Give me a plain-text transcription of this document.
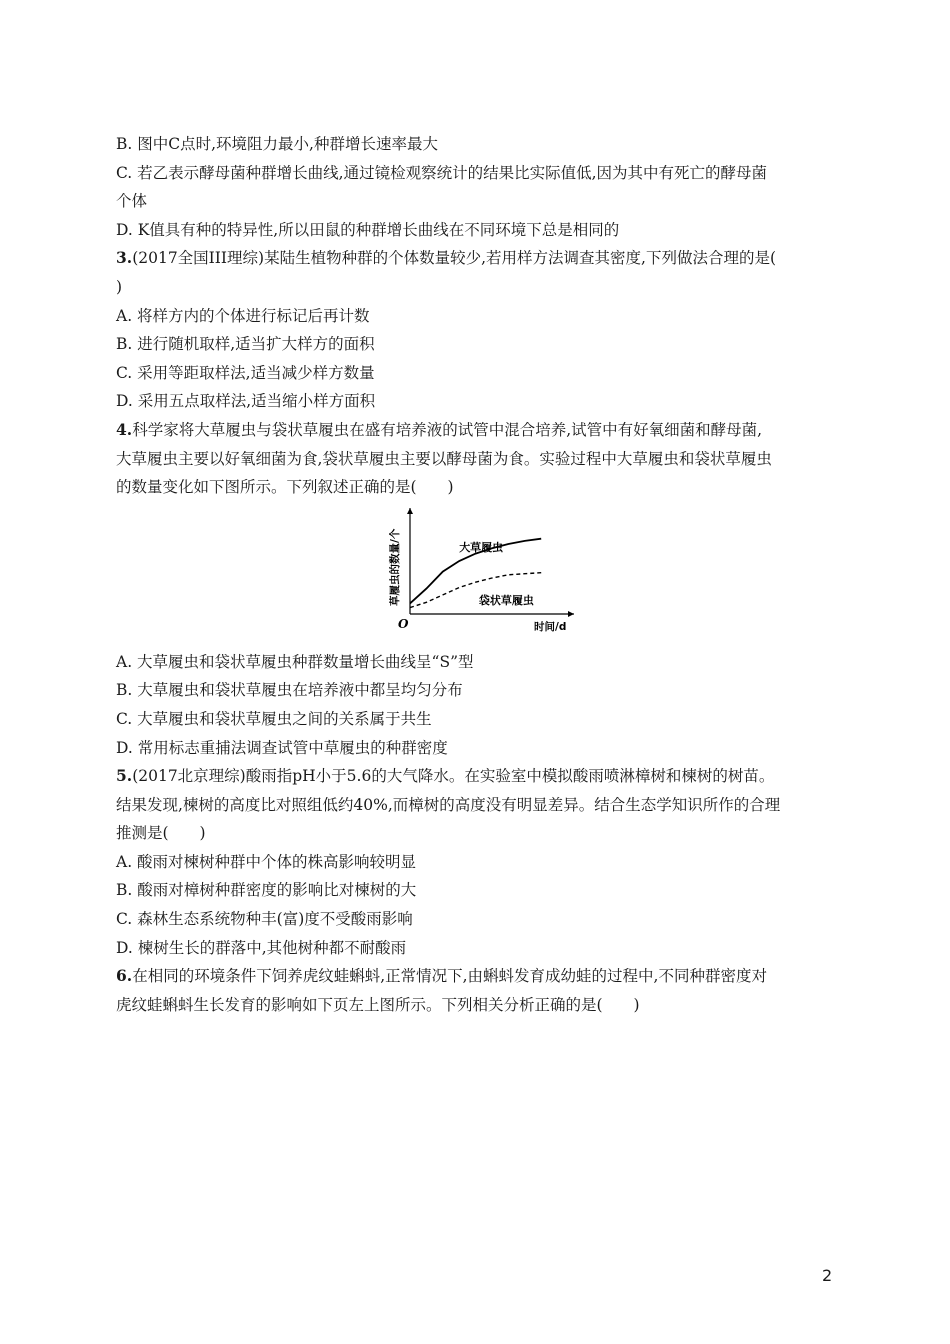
B. 图中C点时,环境阻力最小,种群增长速率最大
C. 若乙表示酵母菌种群增长曲线,通过镜检观察统计的结果比实际值低,因为其中有死亡的酵母菌
个体
D. K值具有种的特异性,所以田鼠的种群增长曲线在不同环境下总是相同的
3.(2017全国III理综)某陆生植物种群的个体数量较少,若用样方法调查其密度,下列做法合理的是(
)
A. 将样方内的个体进行标记后再计数
B. 进行随机取样,适当扩大样方的面积
C. 采用等距取样法,适当减少样方数量
D. 采用五点取样法,适当缩小样方面积
4.科学家将大草履虫与袋状草履虫在盛有培养液的试管中混合培养,试管中有好氧细菌和酵母菌,
大草履虫主要以好氧细菌为食,袋状草履虫主要以酵母菌为食。实验过程中大草履虫和袋状草履虫
的数量变化如下图所示。下列叙述正确的是(　　)
大草履虫
袋状草履虫
O	时间/d
草履虫的数量/个
A. 大草履虫和袋状草履虫种群数量增长曲线呈“S”型
B. 大草履虫和袋状草履虫在培养液中都呈均匀分布
C. 大草履虫和袋状草履虫之间的关系属于共生
D. 常用标志重捕法调查试管中草履虫的种群密度
5.(2017北京理综)酸雨指pH小于5.6的大气降水。在实验室中模拟酸雨喷淋樟树和楝树的树苗。
结果发现,楝树的高度比对照组低约40%,而樟树的高度没有明显差异。结合生态学知识所作的合理
推测是(　　)
A. 酸雨对楝树种群中个体的株高影响较明显
B. 酸雨对樟树种群密度的影响比对楝树的大
C. 森林生态系统物种丰(富)度不受酸雨影响
D. 楝树生长的群落中,其他树种都不耐酸雨
6.在相同的环境条件下饲养虎纹蛙蝌蚪,正常情况下,由蝌蚪发育成幼蛙的过程中,不同种群密度对
虎纹蛙蝌蚪生长发育的影响如下页左上图所示。下列相关分析正确的是(　　)
2
